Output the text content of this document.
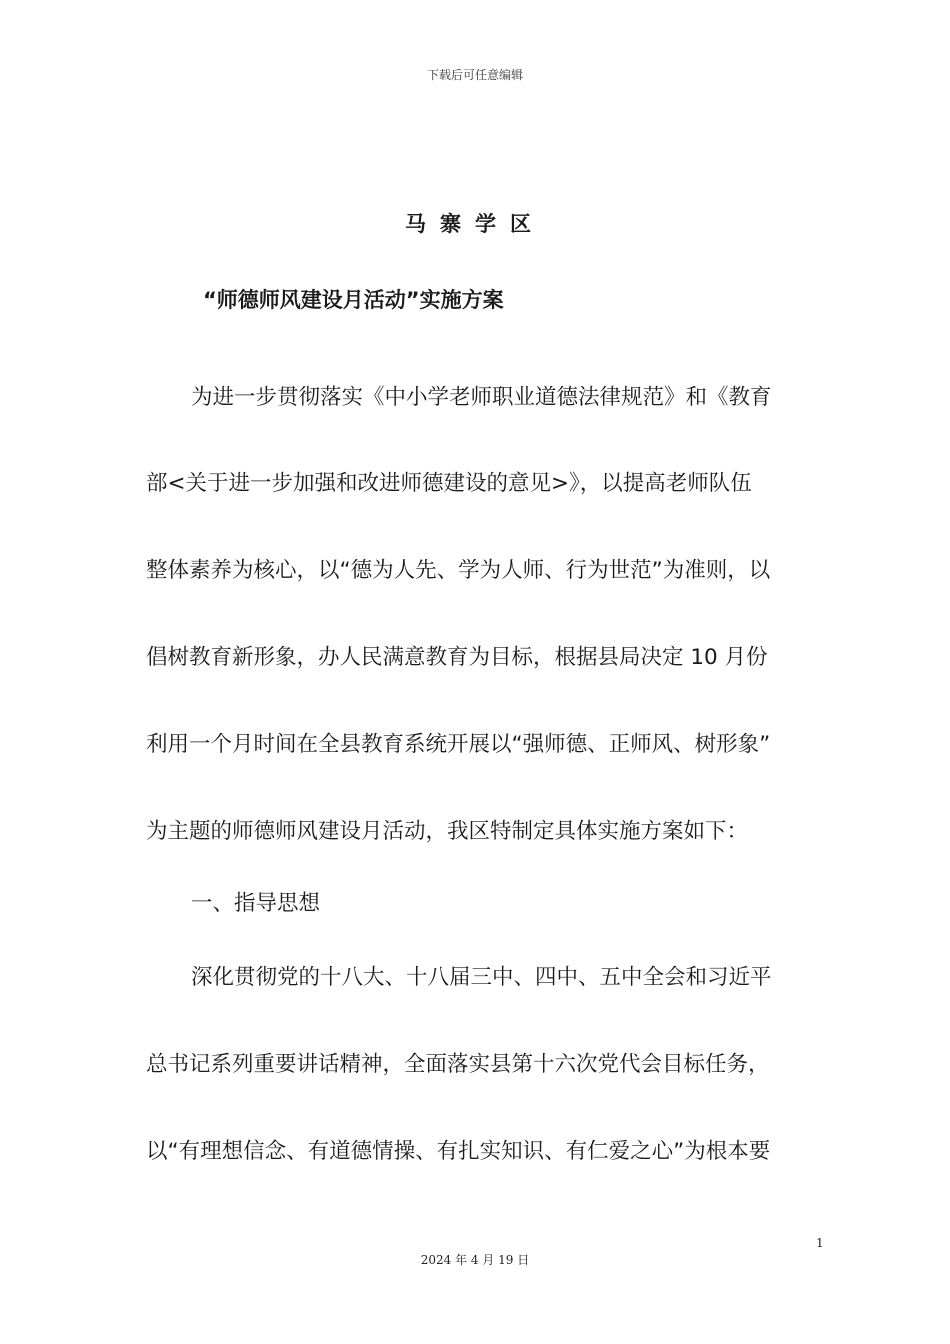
下载后可任意编辑
马寨学区
“师德师风建设月活动”实施方案
为进一步贯彻落实《中小学老师职业道德法律规范》和《教育
部<关于进一步加强和改进师德建设的意见>》，以提高老师队伍
整体素养为核心，以“德为人先、学为人师、行为世范”为准则，以
倡树教育新形象，办人民满意教育为目标，根据县局决定 10 月份
利用一个月时间在全县教育系统开展以“强师德、正师风、树形象”
为主题的师德师风建设月活动，我区特制定具体实施方案如下：
一、指导思想
深化贯彻党的十八大、十八届三中、四中、五中全会和习近平
总书记系列重要讲话精神，全面落实县第十六次党代会目标任务，
以“有理想信念、有道德情操、有扎实知识、有仁爱之心”为根本要
1
2024 年 4 月 19 日
